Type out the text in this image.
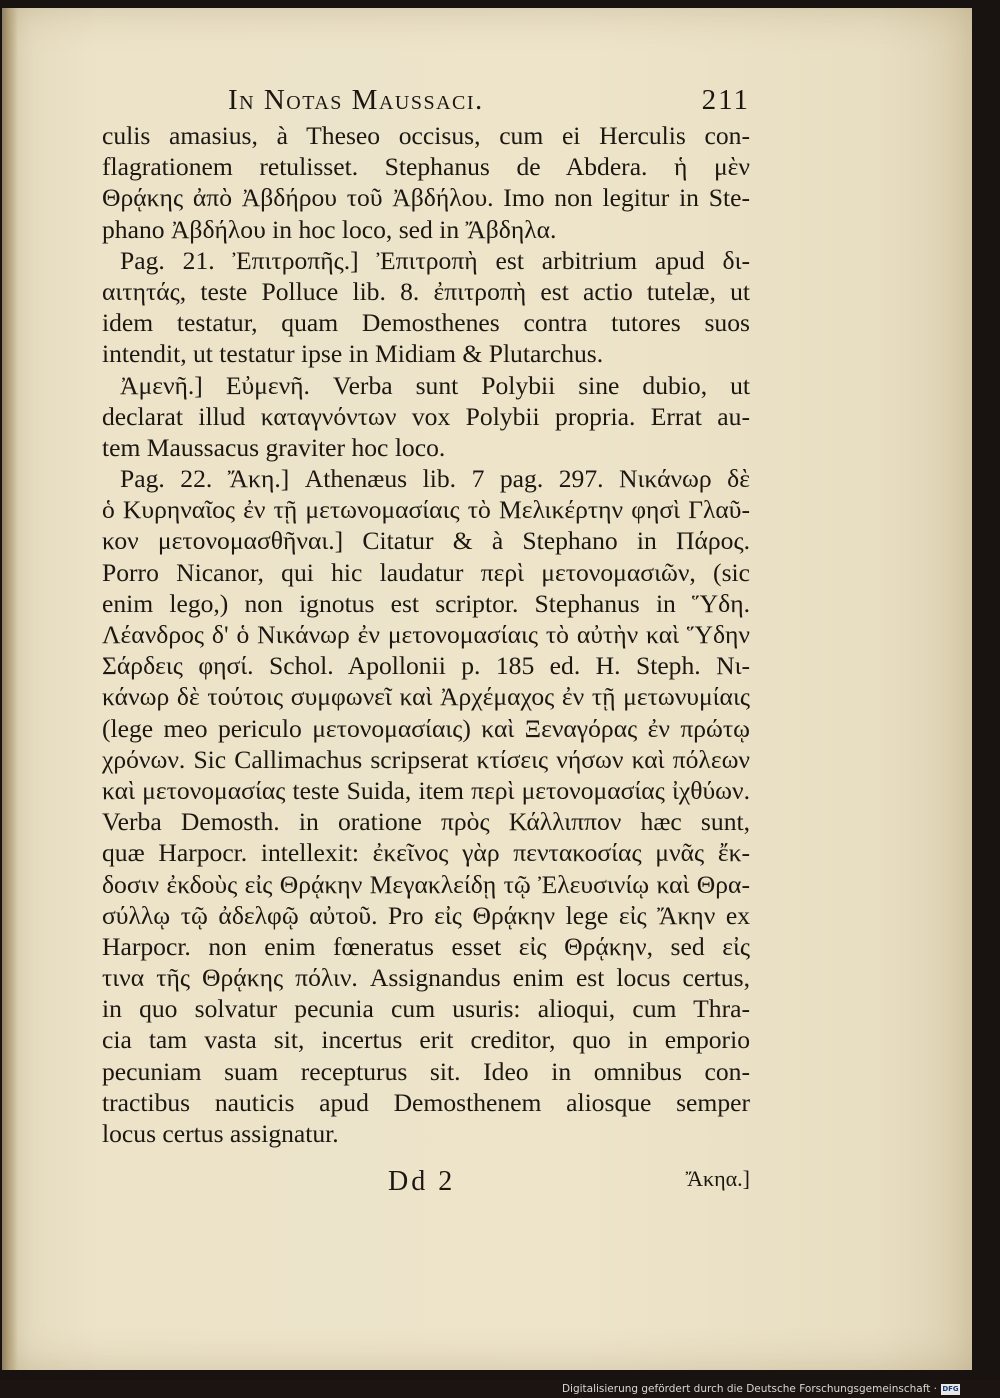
In Notas Maussaci.	211
culis amasius, à Theseo occisus, cum ei Herculis con-
flagrationem retulisset. Stephanus de Abdera. ἡ μὲν
Θρᾴκης ἀπὸ Ἀβδήρου τοῦ Ἀβδήλου. Imo non legitur in Ste-
phano Ἀβδήλου in hoc loco, sed in Ἄβδηλα.
Pag. 21. Ἐπιτροπῆς.] Ἐπιτροπὴ est arbitrium apud δι-
αιτητάς, teste Polluce lib. 8. ἐπιτροπὴ est actio tutelæ, ut
idem testatur, quam Demosthenes contra tutores suos
intendit, ut testatur ipse in Midiam & Plutarchus.
Ἀμενῆ.] Εὐμενῆ. Verba sunt Polybii sine dubio, ut
declarat illud καταγνόντων vox Polybii propria. Errat au-
tem Maussacus graviter hoc loco.
Pag. 22. Ἄκη.] Athenæus lib. 7 pag. 297. Νικάνωρ δὲ
ὁ Κυρηναῖος ἐν τῇ μετωνομασίαις τὸ Μελικέρτην φησὶ Γλαῦ-
κον μετονομασθῆναι.] Citatur & à Stephano in Πάρος.
Porro Nicanor, qui hic laudatur περὶ μετονομασιῶν, (sic
enim lego,) non ignotus est scriptor. Stephanus in Ὕδη.
Λέανδρος δ' ὁ Νικάνωρ ἐν μετονομασίαις τὸ αὐτὴν καὶ Ὕδην
Σάρδεις φησί. Schol. Apollonii p. 185 ed. H. Steph. Νι-
κάνωρ δὲ τούτοις συμφωνεῖ καὶ Ἀρχέμαχος ἐν τῇ μετωνυμίαις
(lege meo periculo μετονομασίαις) καὶ Ξεναγόρας ἐν πρώτῳ
χρόνων. Sic Callimachus scripserat κτίσεις νήσων καὶ πόλεων
καὶ μετονομασίας teste Suida, item περὶ μετονομασίας ἰχθύων.
Verba Demosth. in oratione πρὸς Κάλλιππον hæc sunt,
quæ Harpocr. intellexit: ἐκεῖνος γὰρ πεντακοσίας μνᾶς ἔκ-
δοσιν ἐκδοὺς εἰς Θρᾴκην Μεγακλείδῃ τῷ Ἐλευσινίῳ καὶ Θρα-
σύλλῳ τῷ ἀδελφῷ αὐτοῦ. Pro εἰς Θρᾴκην lege εἰς Ἄκην ex
Harpocr. non enim fœneratus esset εἰς Θρᾴκην, sed εἰς
τινα τῆς Θρᾴκης πόλιν. Assignandus enim est locus certus,
in quo solvatur pecunia cum usuris: alioqui, cum Thra-
cia tam vasta sit, incertus erit creditor, quo in emporio
pecuniam suam recepturus sit. Ideo in omnibus con-
tractibus nauticis apud Demosthenem aliosque semper
locus certus assignatur.
Dd 2	Ἄκηα.]
Digitalisierung gefördert durch die Deutsche Forschungsgemeinschaft · DFG
